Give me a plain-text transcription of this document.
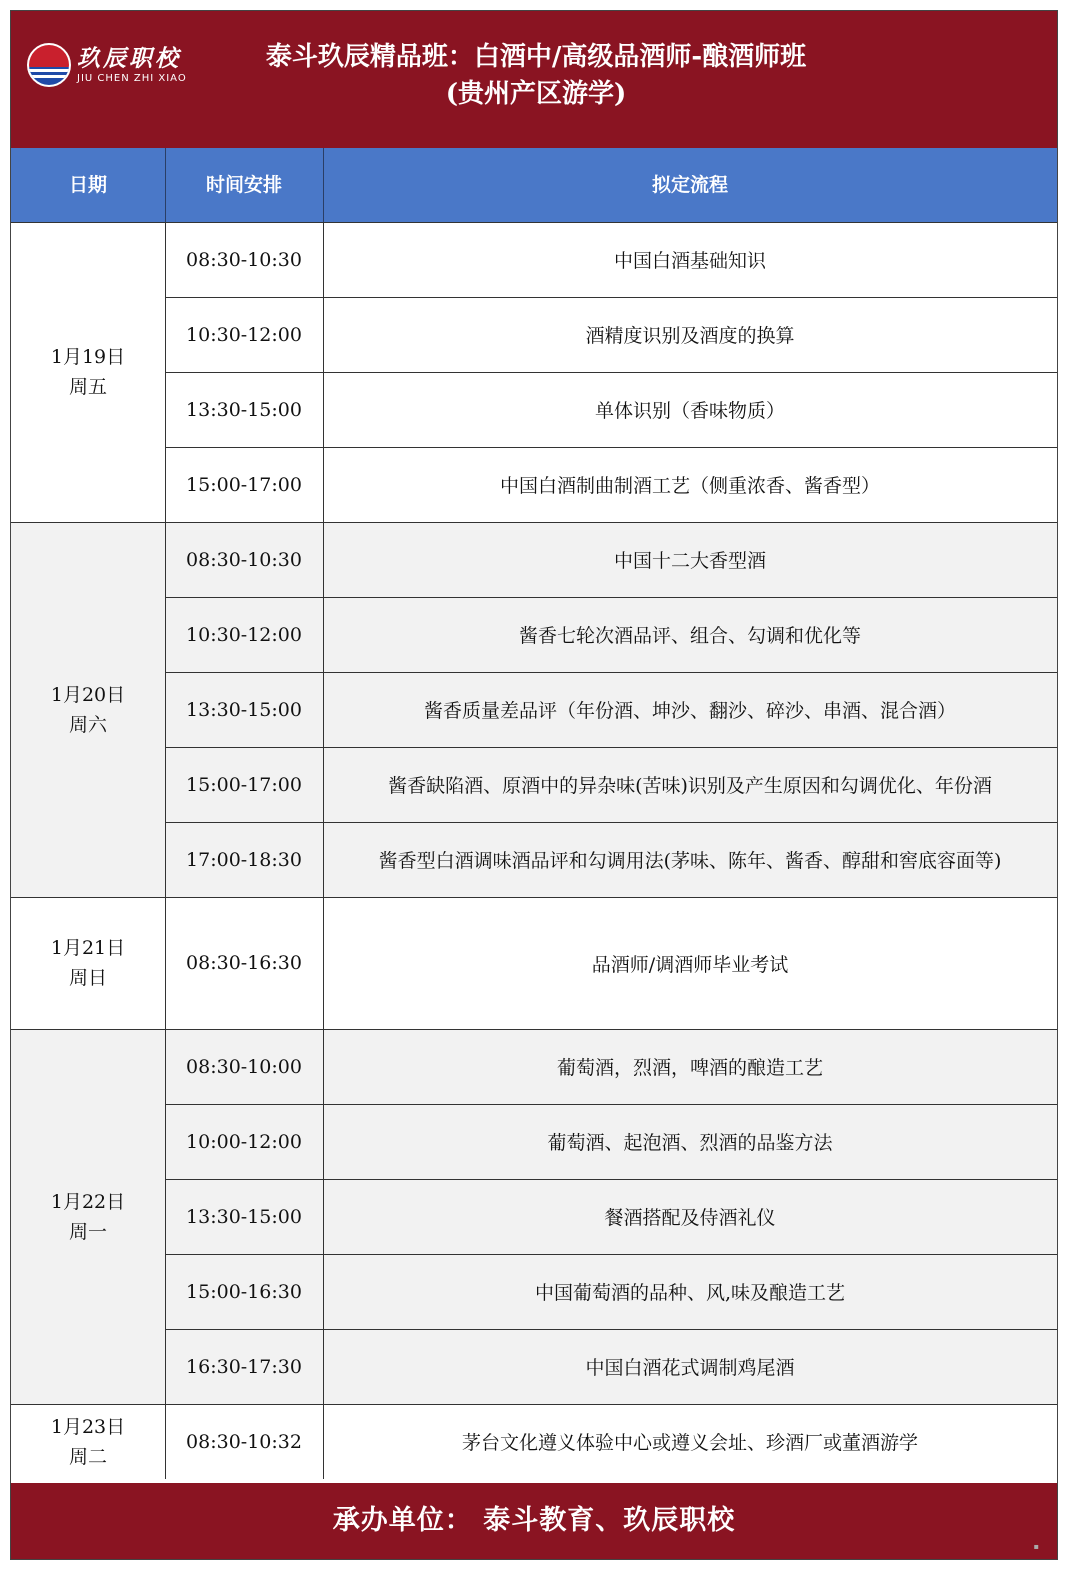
玖辰职校
JIU CHEN ZHI XIAO
泰斗玖辰精品班：白酒中/高级品酒师-酿酒师班
(贵州产区游学)
日期	时间安排	拟定流程
1月19日
周五
08:30-10:30	中国白酒基础知识
10:30-12:00	酒精度识别及酒度的换算
13:30-15:00	单体识别（香味物质）
15:00-17:00	中国白酒制曲制酒工艺（侧重浓香、酱香型）
1月20日
周六
08:30-10:30	中国十二大香型酒
10:30-12:00	酱香七轮次酒品评、组合、勾调和优化等
13:30-15:00	酱香质量差品评（年份酒、坤沙、翻沙、碎沙、串酒、混合酒）
15:00-17:00	酱香缺陷酒、原酒中的异杂味(苦味)识别及产生原因和勾调优化、年份酒
17:00-18:30	酱香型白酒调味酒品评和勾调用法(茅味、陈年、酱香、醇甜和窖底容面等)
1月21日
周日
08:30-16:30	品酒师/调酒师毕业考试
1月22日
周一
08:30-10:00	葡萄酒，烈酒，啤酒的酿造工艺
10:00-12:00	葡萄酒、起泡酒、烈酒的品鉴方法
13:30-15:00	餐酒搭配及侍酒礼仪
15:00-16:30	中国葡萄酒的品种、风,味及酿造工艺
16:30-17:30	中国白酒花式调制鸡尾酒
1月23日
周二
08:30-10:32	茅台文化遵义体验中心或遵义会址、珍酒厂或董酒游学
承办单位： 泰斗教育、玖辰职校
▪
